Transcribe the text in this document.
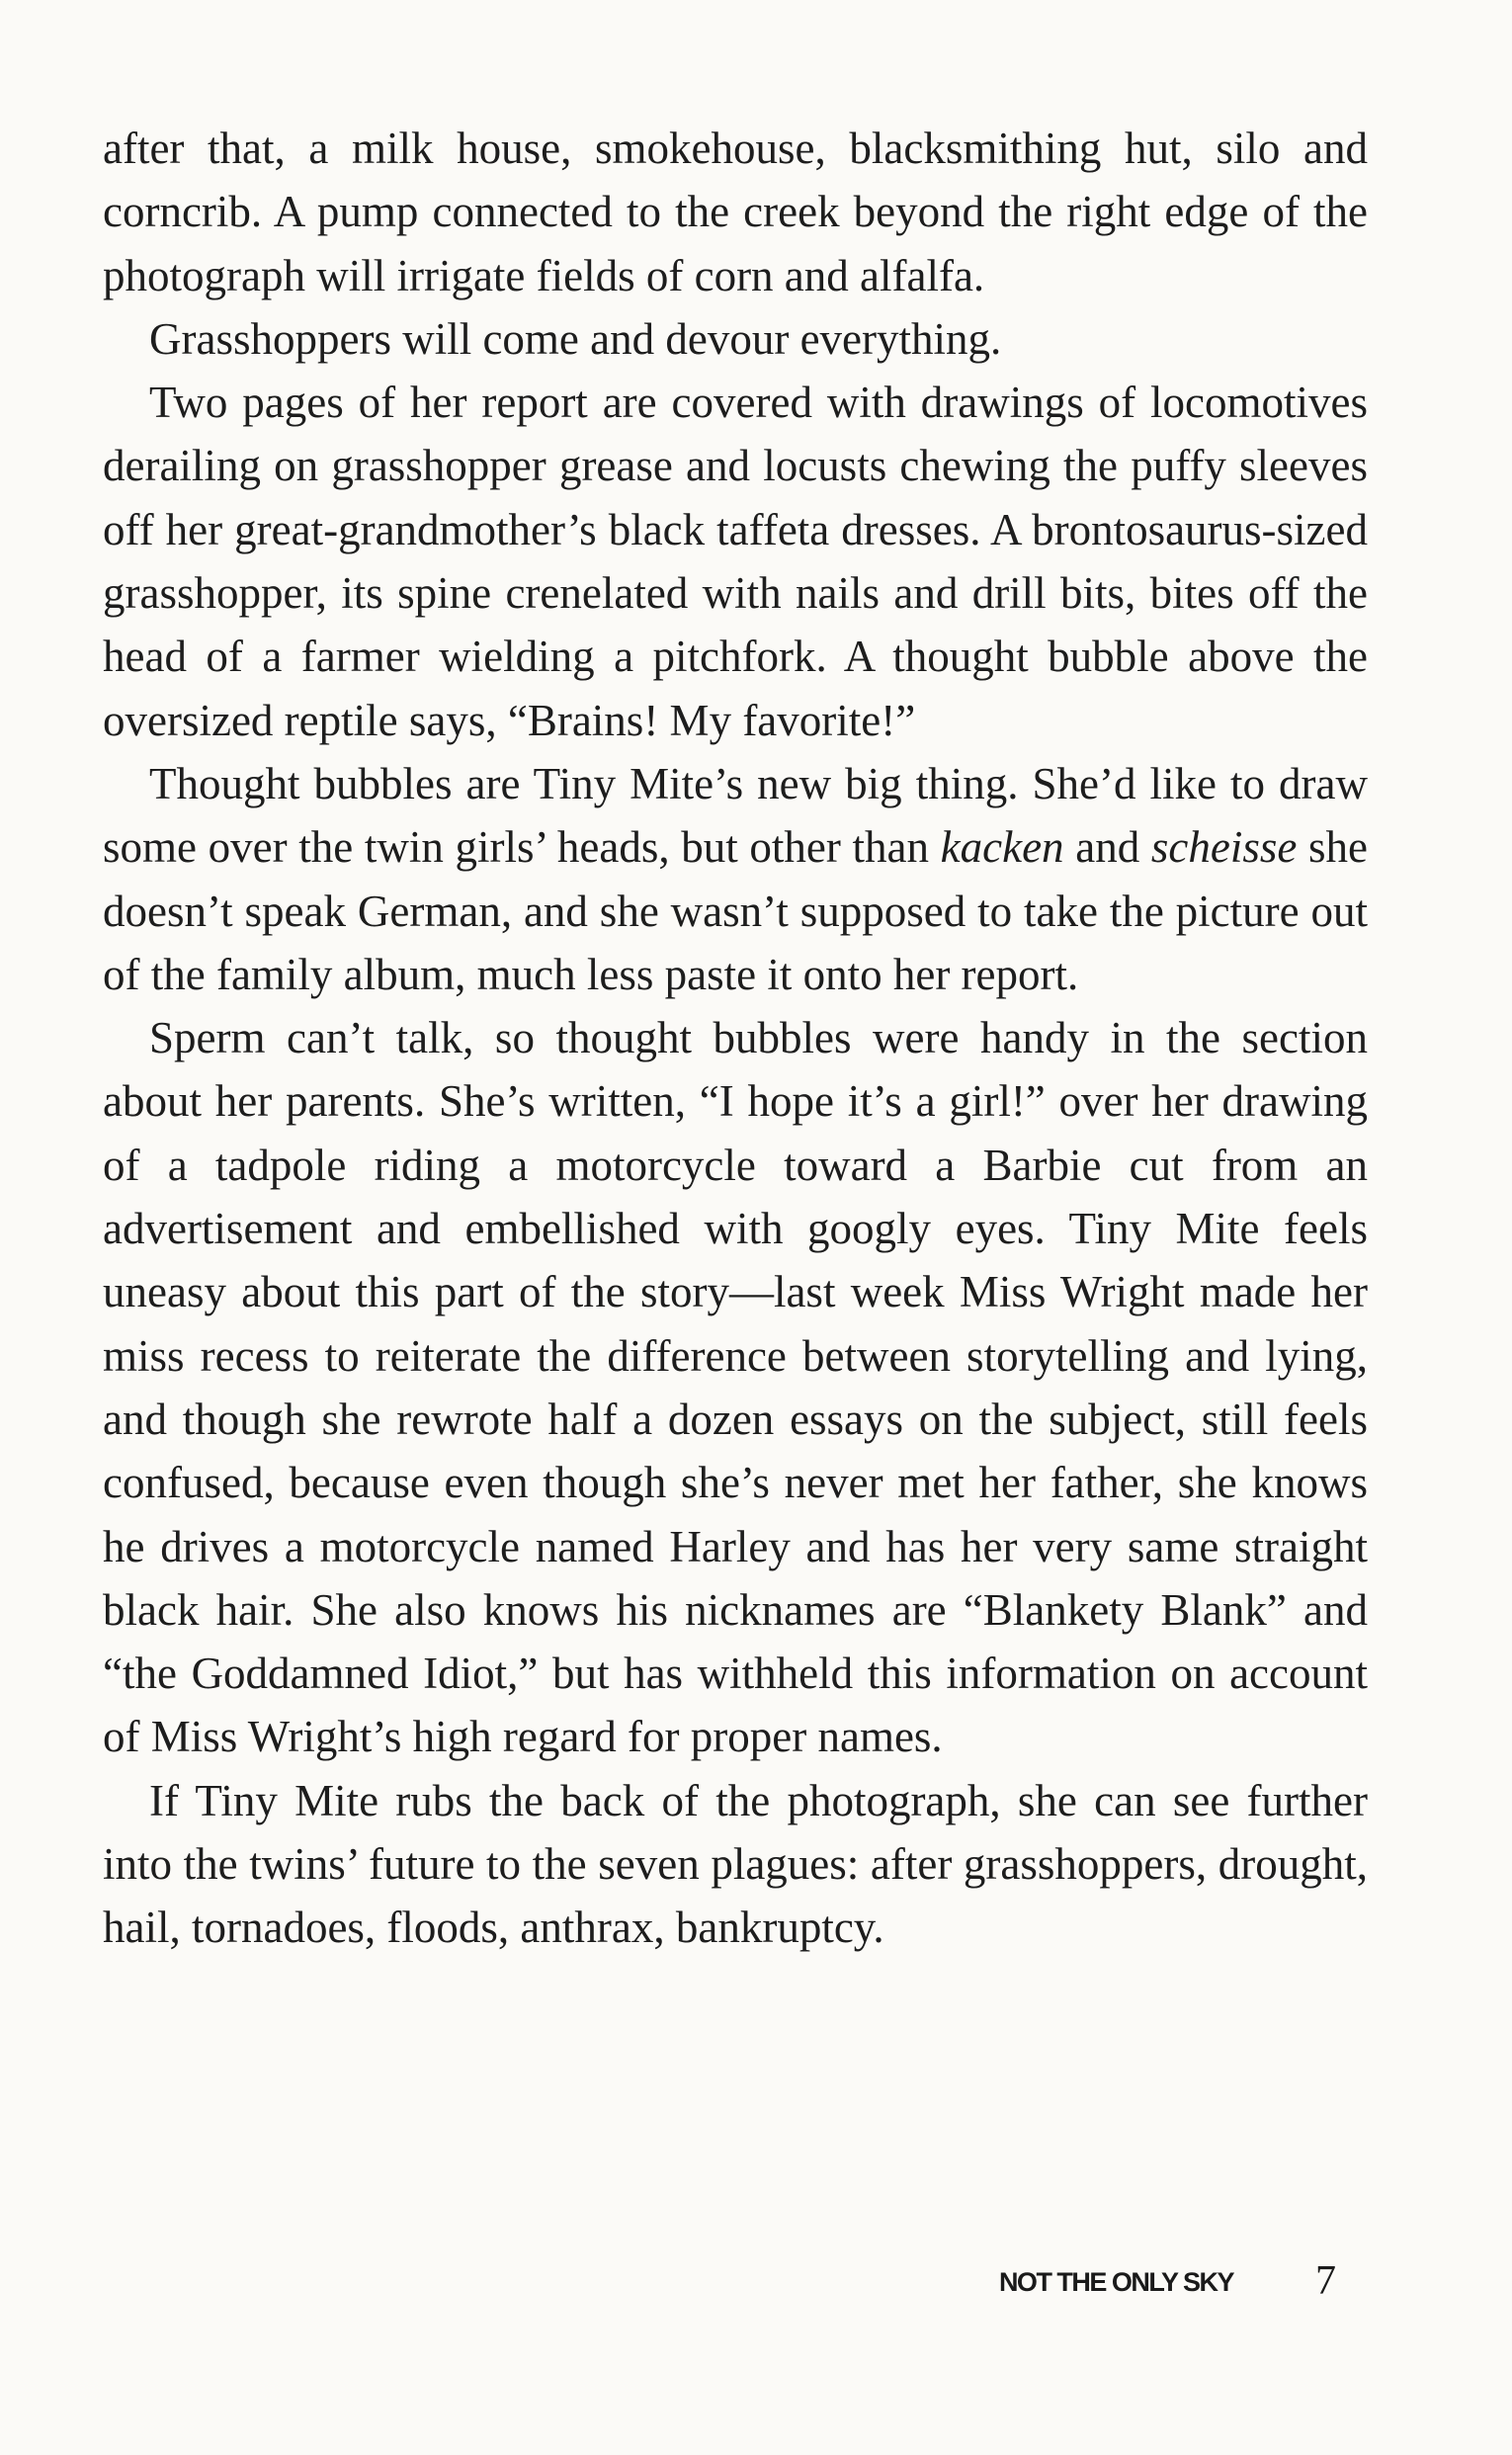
after that, a milk house, smokehouse, blacksmithing hut, silo and corncrib. A pump connected to the creek beyond the right edge of the photograph will irrigate fields of corn and alfalfa.

Grasshoppers will come and devour everything.

Two pages of her report are covered with drawings of locomotives derailing on grasshopper grease and locusts chewing the puffy sleeves off her great-grandmother’s black taffeta dresses. A brontosaurus-sized grasshopper, its spine crenelated with nails and drill bits, bites off the head of a farmer wielding a pitchfork. A thought bubble above the oversized reptile says, “Brains! My favorite!”

Thought bubbles are Tiny Mite’s new big thing. She’d like to draw some over the twin girls’ heads, but other than kacken and scheisse she doesn’t speak German, and she wasn’t supposed to take the picture out of the family album, much less paste it onto her report.

Sperm can’t talk, so thought bubbles were handy in the section about her parents. She’s written, “I hope it’s a girl!” over her drawing of a tadpole riding a motorcycle toward a Barbie cut from an advertisement and embellished with googly eyes. Tiny Mite feels uneasy about this part of the story—last week Miss Wright made her miss recess to reiterate the difference between storytelling and lying, and though she rewrote half a dozen essays on the subject, still feels confused, because even though she’s never met her father, she knows he drives a motorcycle named Harley and has her very same straight black hair. She also knows his nicknames are “Blankety Blank” and “the Goddamned Idiot,” but has withheld this information on account of Miss Wright’s high regard for proper names.

If Tiny Mite rubs the back of the photograph, she can see further into the twins’ future to the seven plagues: after grasshoppers, drought, hail, tornadoes, floods, anthrax, bankruptcy.

NOT THE ONLY SKY 7
